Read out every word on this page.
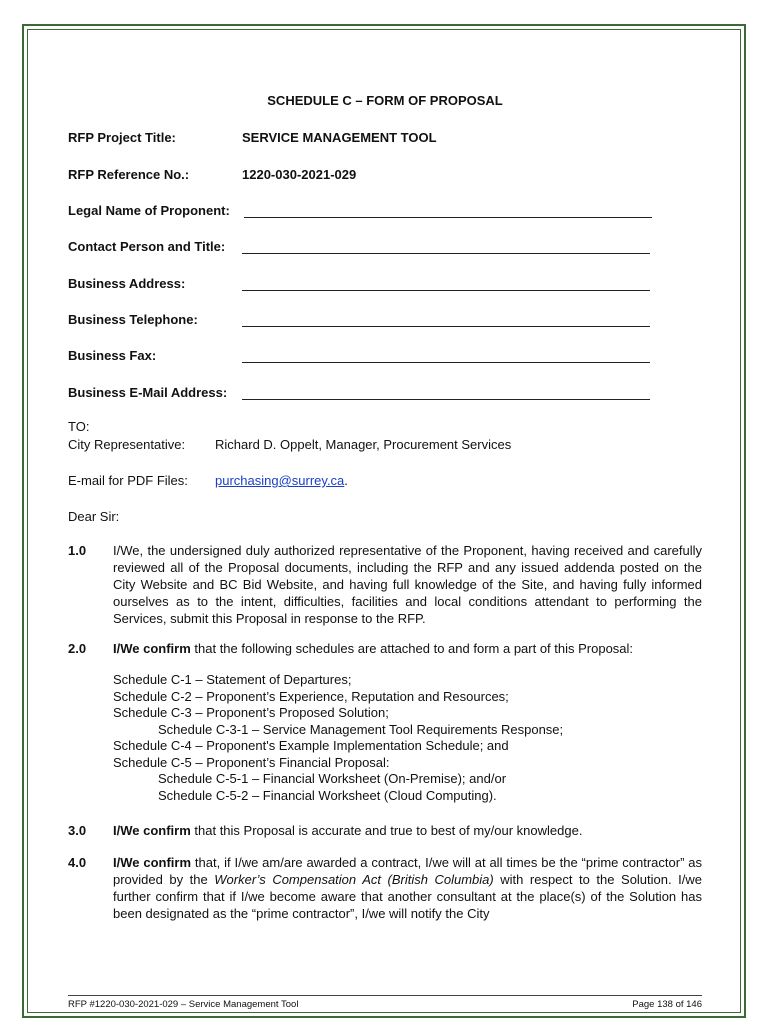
SCHEDULE C – FORM OF PROPOSAL
RFP Project Title:	SERVICE MANAGEMENT TOOL
RFP Reference No.:	1220-030-2021-029
Legal Name of Proponent:
Contact Person and Title:
Business Address:
Business Telephone:
Business Fax:
Business E-Mail Address:
TO:
City Representative: Richard D. Oppelt, Manager, Procurement Services
E-mail for PDF Files: purchasing@surrey.ca.
Dear Sir:
1.0 I/We, the undersigned duly authorized representative of the Proponent, having received and carefully reviewed all of the Proposal documents, including the RFP and any issued addenda posted on the City Website and BC Bid Website, and having full knowledge of the Site, and having fully informed ourselves as to the intent, difficulties, facilities and local conditions attendant to performing the Services, submit this Proposal in response to the RFP.
2.0 I/We confirm that the following schedules are attached to and form a part of this Proposal:
Schedule C-1 – Statement of Departures;
Schedule C-2 – Proponent’s Experience, Reputation and Resources;
Schedule C-3 – Proponent’s Proposed Solution;
Schedule C-3-1 – Service Management Tool Requirements Response;
Schedule C-4 – Proponent's Example Implementation Schedule; and
Schedule C-5 – Proponent’s Financial Proposal:
Schedule C-5-1 – Financial Worksheet (On-Premise); and/or
Schedule C-5-2 – Financial Worksheet (Cloud Computing).
3.0 I/We confirm that this Proposal is accurate and true to best of my/our knowledge.
4.0 I/We confirm that, if I/we am/are awarded a contract, I/we will at all times be the “prime contractor” as provided by the Worker’s Compensation Act (British Columbia) with respect to the Solution. I/we further confirm that if I/we become aware that another consultant at the place(s) of the Solution has been designated as the “prime contractor”, I/we will notify the City
RFP #1220-030-2021-029 – Service Management Tool	Page 138 of 146
